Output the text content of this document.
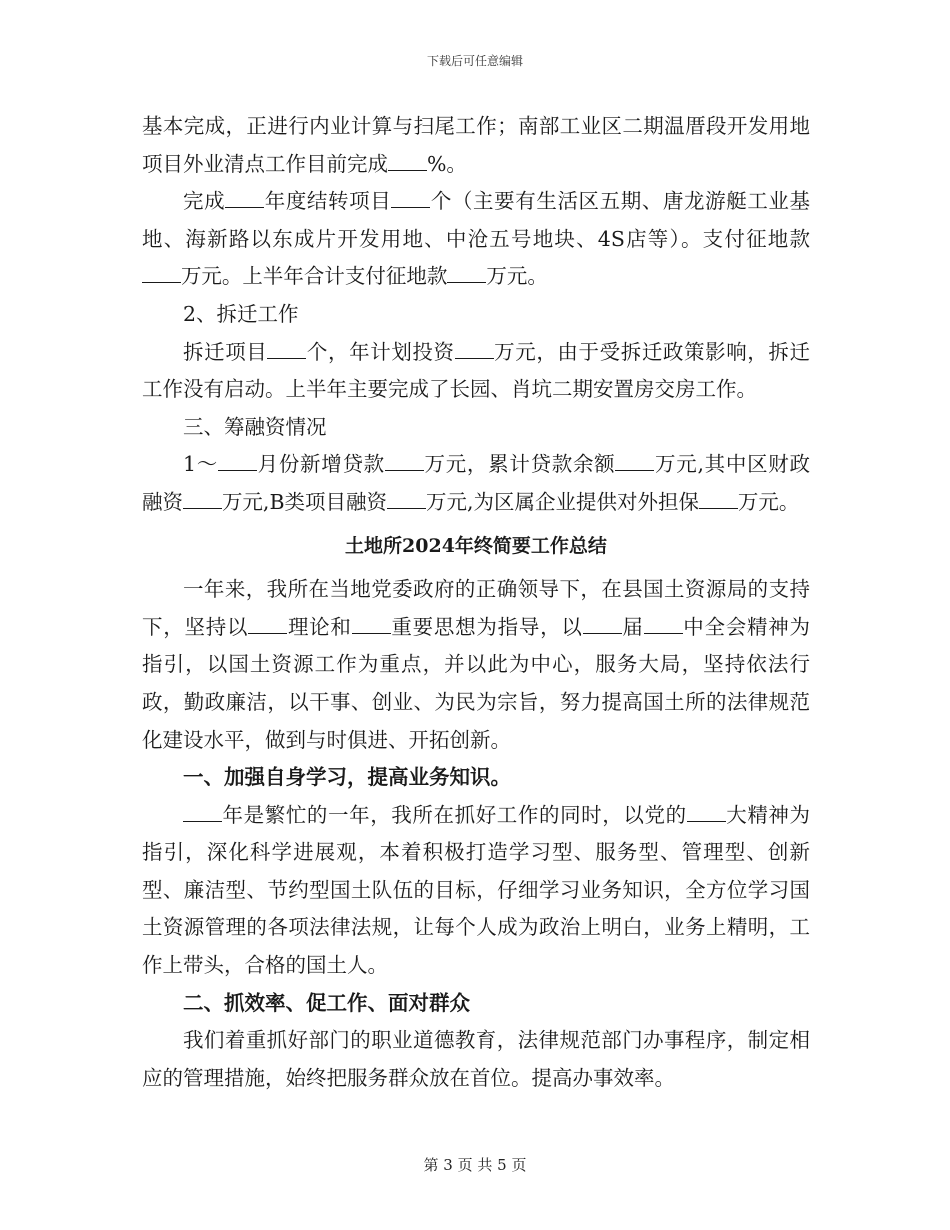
下载后可任意编辑

基本完成，正进行内业计算与扫尾工作；南部工业区二期温厝段开发用地项目外业清点工作目前完成 %。

完成 年度结转项目 个（主要有生活区五期、唐龙游艇工业基地、海新路以东成片开发用地、中沧五号地块、4S店等）。支付征地款万元。上半年合计支付征地款 万元。

2、拆迁工作

拆迁项目 个，年计划投资 万元，由于受拆迁政策影响，拆迁工作没有启动。上半年主要完成了长园、肖坑二期安置房交房工作。

三、筹融资情况

1～ 月份新增贷款 万元，累计贷款余额 万元,其中区财政融资 万元,B类项目融资 万元,为区属企业提供对外担保 万元。

土地所2024年终简要工作总结

一年来，我所在当地党委政府的正确领导下，在县国土资源局的支持下，坚持以 理论和 重要思想为指导，以 届 中全会精神为指引，以国土资源工作为重点，并以此为中心，服务大局，坚持依法行政，勤政廉洁，以干事、创业、为民为宗旨，努力提高国土所的法律规范化建设水平，做到与时俱进、开拓创新。

一、加强自身学习，提高业务知识。

年是繁忙的一年，我所在抓好工作的同时，以党的 大精神为指引，深化科学进展观，本着积极打造学习型、服务型、管理型、创新型、廉洁型、节约型国土队伍的目标，仔细学习业务知识，全方位学习国土资源管理的各项法律法规，让每个人成为政治上明白，业务上精明，工作上带头，合格的国土人。

二、抓效率、促工作、面对群众

我们着重抓好部门的职业道德教育，法律规范部门办事程序，制定相应的管理措施，始终把服务群众放在首位。提高办事效率。

第 3 页 共 5 页
